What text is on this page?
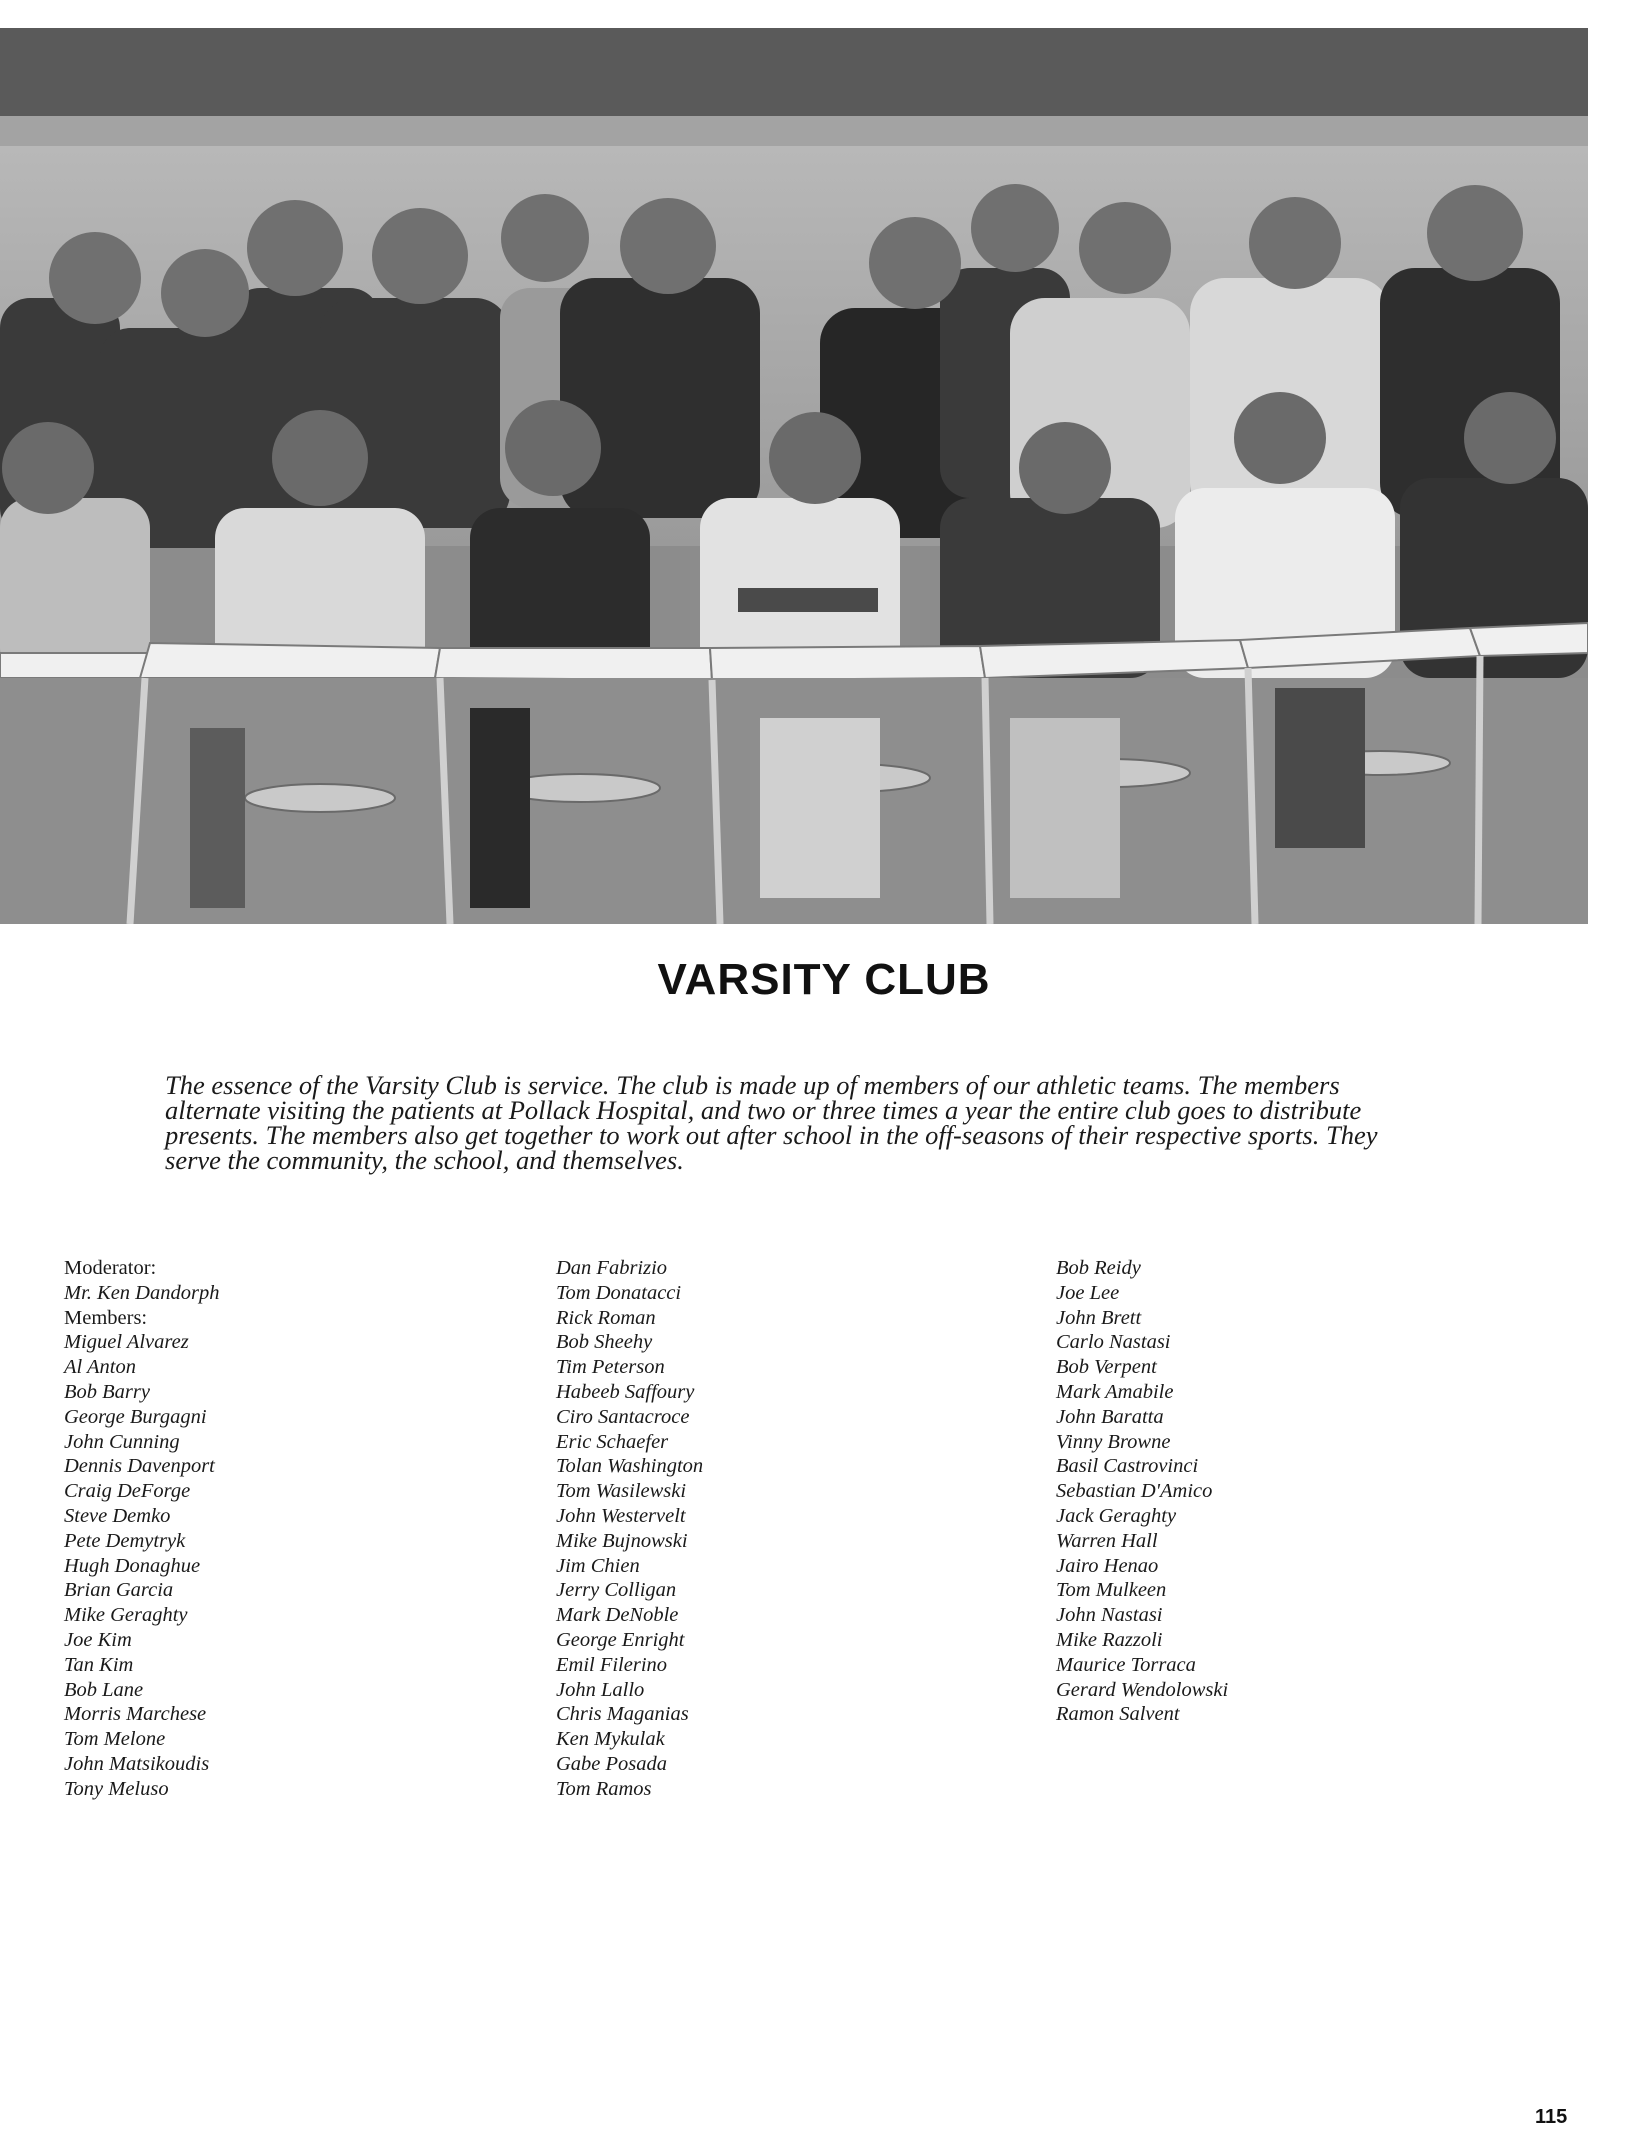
VARSITY CLUB

The essence of the Varsity Club is service. The club is made up of members of our athletic teams. The members alternate visiting the patients at Pollack Hospital, and two or three times a year the entire club goes to distribute presents. The members also get together to work out after school in the off-seasons of their respective sports. They serve the community, the school, and themselves.

Moderator:
Mr. Ken Dandorph
Members:
Miguel Alvarez
Al Anton
Bob Barry
George Burgagni
John Cunning
Dennis Davenport
Craig DeForge
Steve Demko
Pete Demytryk
Hugh Donaghue
Brian Garcia
Mike Geraghty
Joe Kim
Tan Kim
Bob Lane
Morris Marchese
Tom Melone
John Matsikoudis
Tony Meluso
Dan Fabrizio
Tom Donatacci
Rick Roman
Bob Sheehy
Tim Peterson
Habeeb Saffoury
Ciro Santacroce
Eric Schaefer
Tolan Washington
Tom Wasilewski
John Westervelt
Mike Bujnowski
Jim Chien
Jerry Colligan
Mark DeNoble
George Enright
Emil Filerino
John Lallo
Chris Maganias
Ken Mykulak
Gabe Posada
Tom Ramos
Bob Reidy
Joe Lee
John Brett
Carlo Nastasi
Bob Verpent
Mark Amabile
John Baratta
Vinny Browne
Basil Castrovinci
Sebastian D'Amico
Jack Geraghty
Warren Hall
Jairo Henao
Tom Mulkeen
John Nastasi
Mike Razzoli
Maurice Torraca
Gerard Wendolowski
Ramon Salvent
115
